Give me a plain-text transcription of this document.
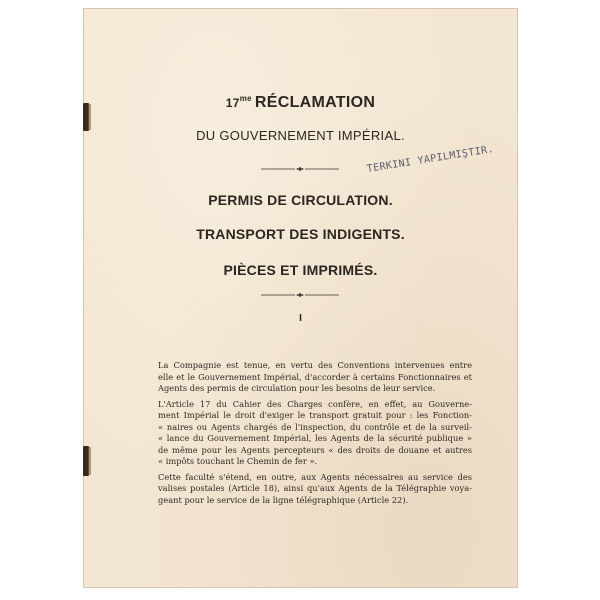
$17^{me}$ RÉCLAMATION
DU GOUVERNEMENT IMPÉRIAL.
TERKINI YAPILMIŞTIR.
PERMIS DE CIRCULATION.
TRANSPORT DES INDIGENTS.
PIÈCES ET IMPRIMÉS.
I
La Compagnie est tenue, en vertu des Conventions intervenues entre
elle et le Gouvernement Impérial, d'accorder à certains Fonctionnaires et
Agents des permis de circulation pour les besoins de leur service.
L'Article 17 du Cahier des Charges confère, en effet, au Gouverne-
ment Impérial le droit d'exiger le transport gratuit pour : les Fonction-
« naires ou Agents chargés de l'inspection, du contrôle et de la surveil-
« lance du Gouvernement Impérial, les Agents de la sécurité publique »
de même pour les Agents percepteurs « des droits de douane et autres
« impôts touchant le Chemin de fer ».
Cette faculté s'étend, en outre, aux Agents nécessaires au service des
valises postales (Article 18), ainsi qu'aux Agents de la Télégraphie voya-
geant pour le service de la ligne télégraphique (Article 22).
